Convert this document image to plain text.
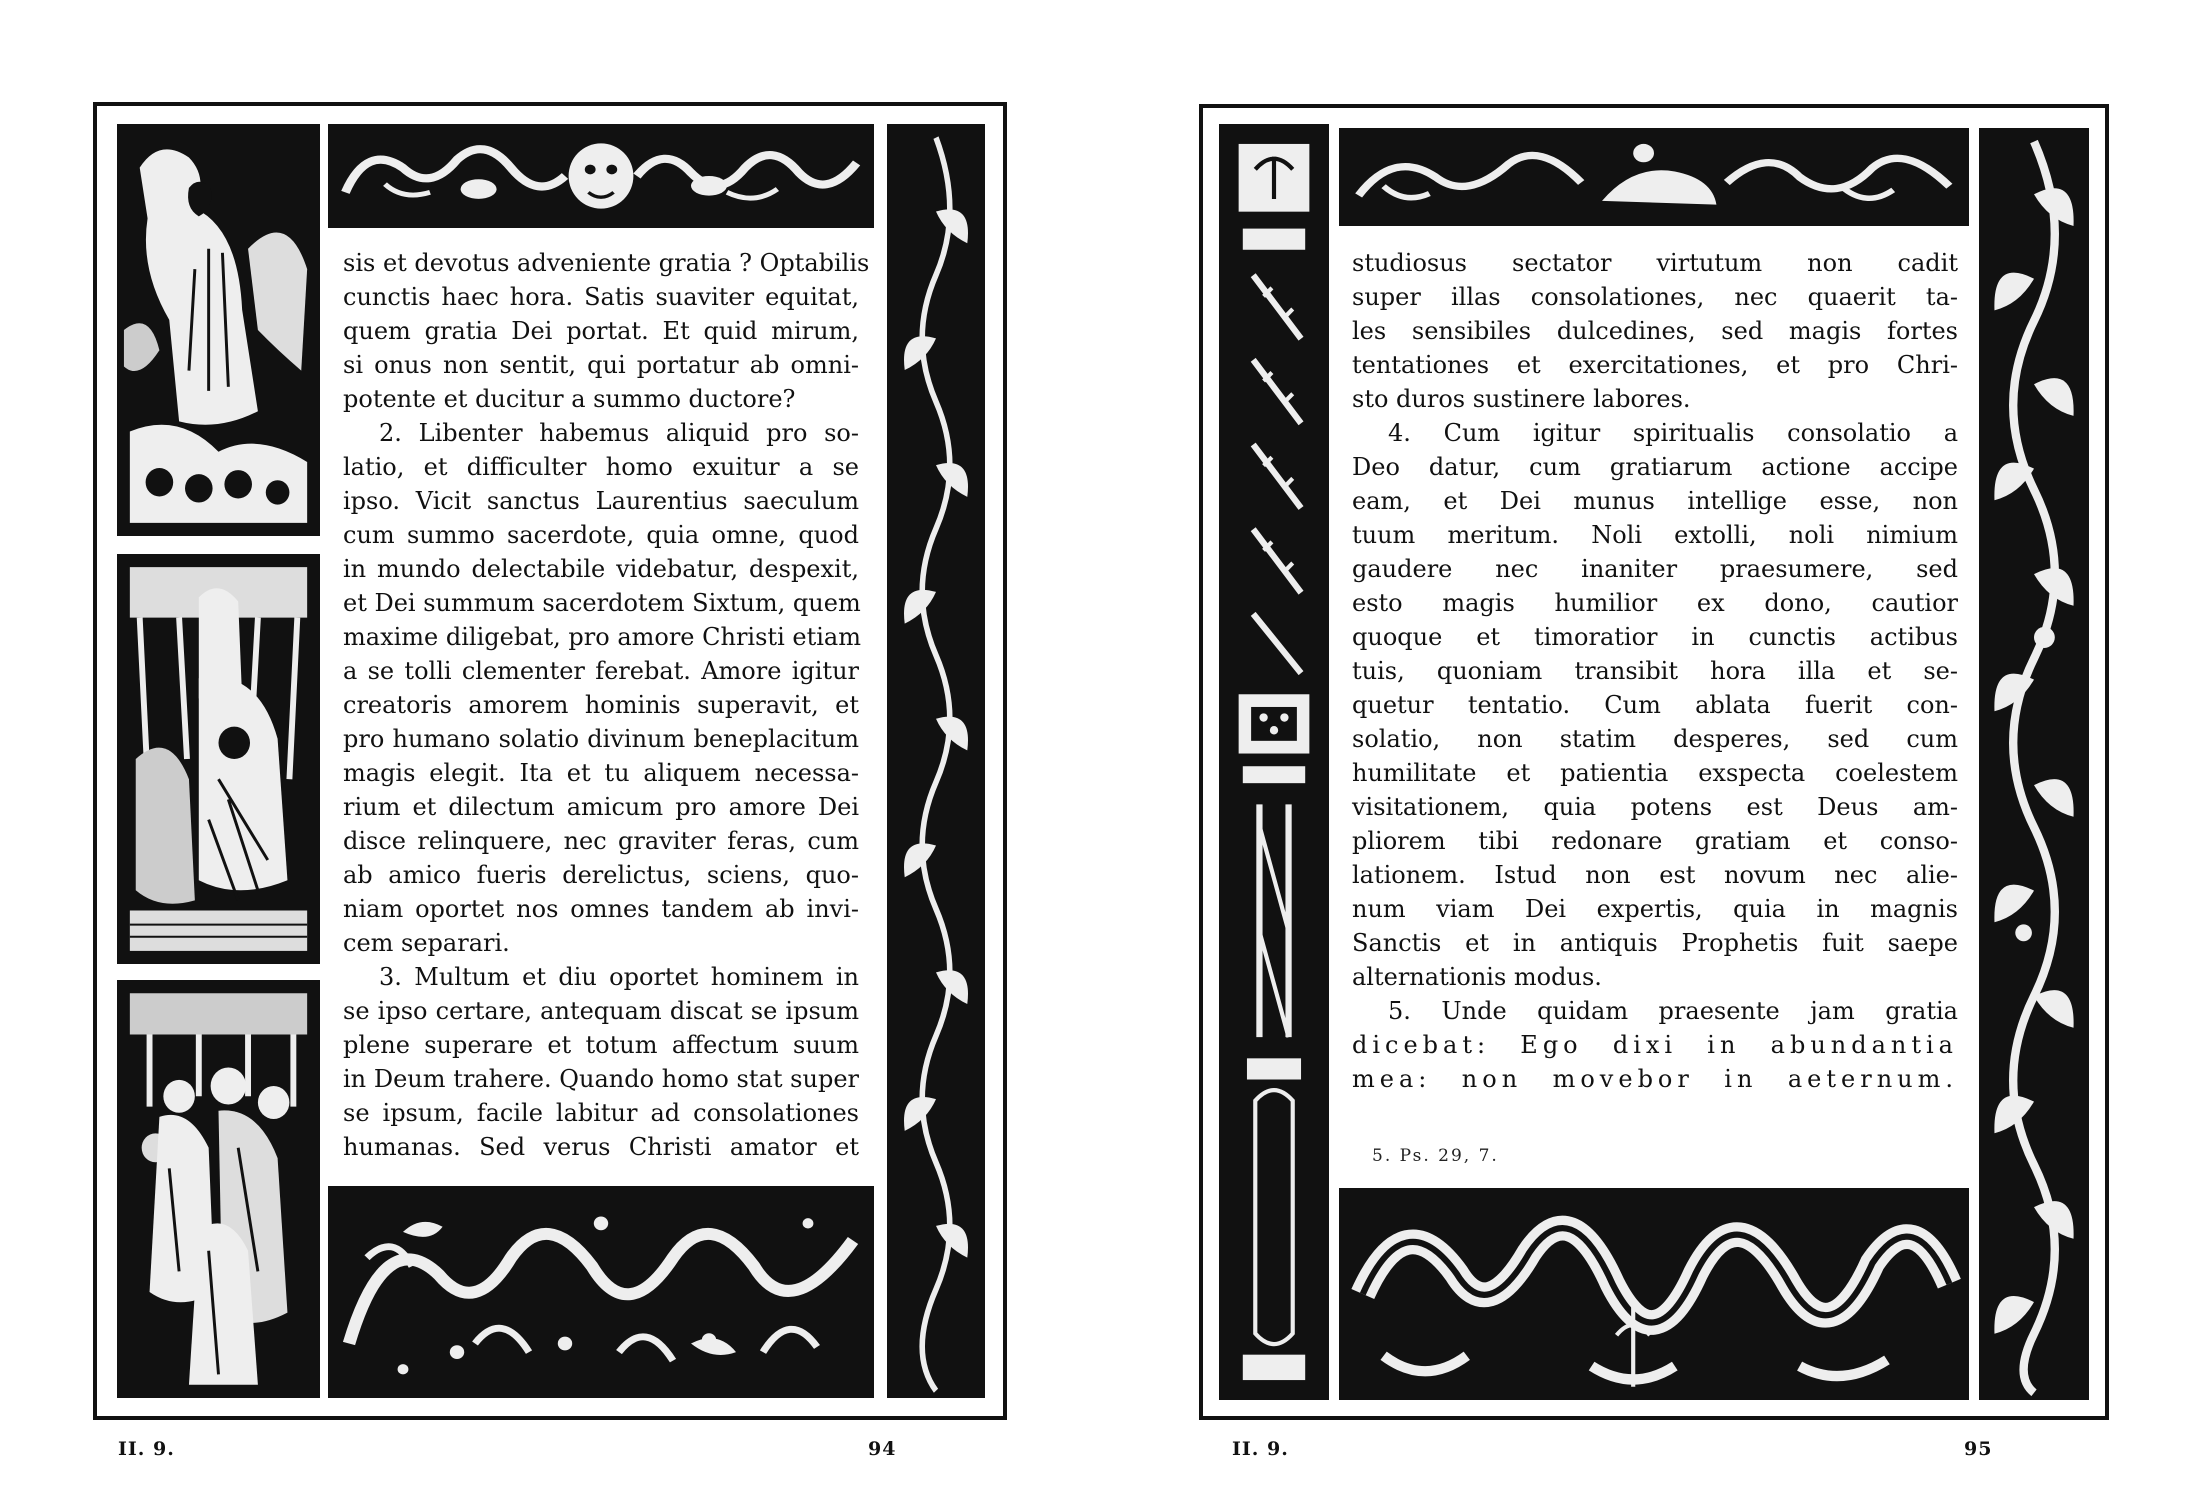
sis et devotus adveniente gratia ? Optabilis
cunctis haec hora. Satis suaviter equitat,
quem gratia Dei portat. Et quid mirum,
si onus non sentit, qui portatur ab omni-
potente et ducitur a summo ductore?
2. Libenter habemus aliquid pro so-
latio, et difficulter homo exuitur a se
ipso. Vicit sanctus Laurentius saeculum
cum summo sacerdote, quia omne, quod
in mundo delectabile videbatur, despexit,
et Dei summum sacerdotem Sixtum, quem
maxime diligebat, pro amore Christi etiam
a se tolli clementer ferebat. Amore igitur
creatoris amorem hominis superavit, et
pro humano solatio divinum beneplacitum
magis elegit. Ita et tu aliquem necessa-
rium et dilectum amicum pro amore Dei
disce relinquere, nec graviter feras, cum
ab amico fueris derelictus, sciens, quo-
niam oportet nos omnes tandem ab invi-
cem separari.
3. Multum et diu oportet hominem in
se ipso certare, antequam discat se ipsum
plene superare et totum affectum suum
in Deum trahere. Quando homo stat super
se ipsum, facile labitur ad consolationes
humanas. Sed verus Christi amator et
II. 9.	94
studiosus sectator virtutum non cadit
super illas consolationes, nec quaerit ta-
les sensibiles dulcedines, sed magis fortes
tentationes et exercitationes, et pro Chri-
sto duros sustinere labores.
4. Cum igitur spiritualis consolatio a
Deo datur, cum gratiarum actione accipe
eam, et Dei munus intellige esse, non
tuum meritum. Noli extolli, noli nimium
gaudere nec inaniter praesumere, sed
esto magis humilior ex dono, cautior
quoque et timoratior in cunctis actibus
tuis, quoniam transibit hora illa et se-
quetur tentatio. Cum ablata fuerit con-
solatio, non statim desperes, sed cum
humilitate et patientia exspecta coelestem
visitationem, quia potens est Deus am-
pliorem tibi redonare gratiam et conso-
lationem. Istud non est novum nec alie-
num viam Dei expertis, quia in magnis
Sanctis et in antiquis Prophetis fuit saepe
alternationis modus.
5. Unde quidam praesente jam gratia
dicebat: Ego dixi in abundantia
mea: non movebor in aeternum.
5. Ps. 29, 7.
II. 9.	95
